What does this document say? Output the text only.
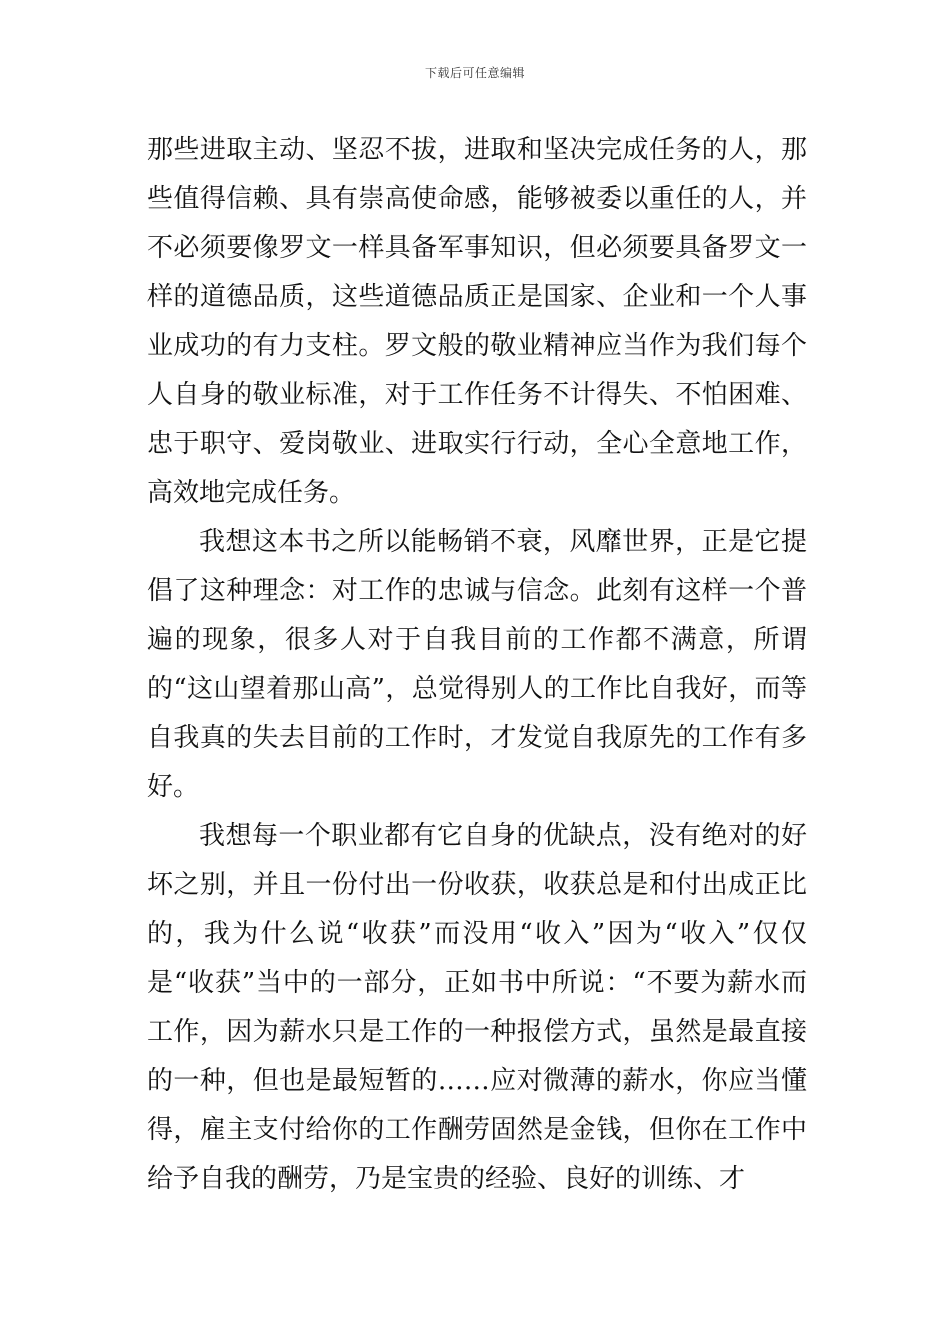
下载后可任意编辑

那些进取主动、坚忍不拔，进取和坚决完成任务的人，那些值得信赖、具有崇高使命感，能够被委以重任的人，并不必须要像罗文一样具备军事知识，但必须要具备罗文一样的道德品质，这些道德品质正是国家、企业和一个人事业成功的有力支柱。罗文般的敬业精神应当作为我们每个人自身的敬业标准，对于工作任务不计得失、不怕困难、忠于职守、爱岗敬业、进取实行行动，全心全意地工作，高效地完成任务。

我想这本书之所以能畅销不衰，风靡世界，正是它提倡了这种理念：对工作的忠诚与信念。此刻有这样一个普遍的现象，很多人对于自我目前的工作都不满意，所谓的“这山望着那山高”，总觉得别人的工作比自我好，而等自我真的失去目前的工作时，才发觉自我原先的工作有多好。

我想每一个职业都有它自身的优缺点，没有绝对的好坏之别，并且一份付出一份收获，收获总是和付出成正比的，我为什么说“收获”而没用“收入”因为“收入”仅仅是“收获”当中的一部分，正如书中所说：“不要为薪水而工作，因为薪水只是工作的一种报偿方式，虽然是最直接的一种，但也是最短暂的……应对微薄的薪水，你应当懂得，雇主支付给你的工作酬劳固然是金钱，但你在工作中给予自我的酬劳，乃是宝贵的经验、良好的训练、才
